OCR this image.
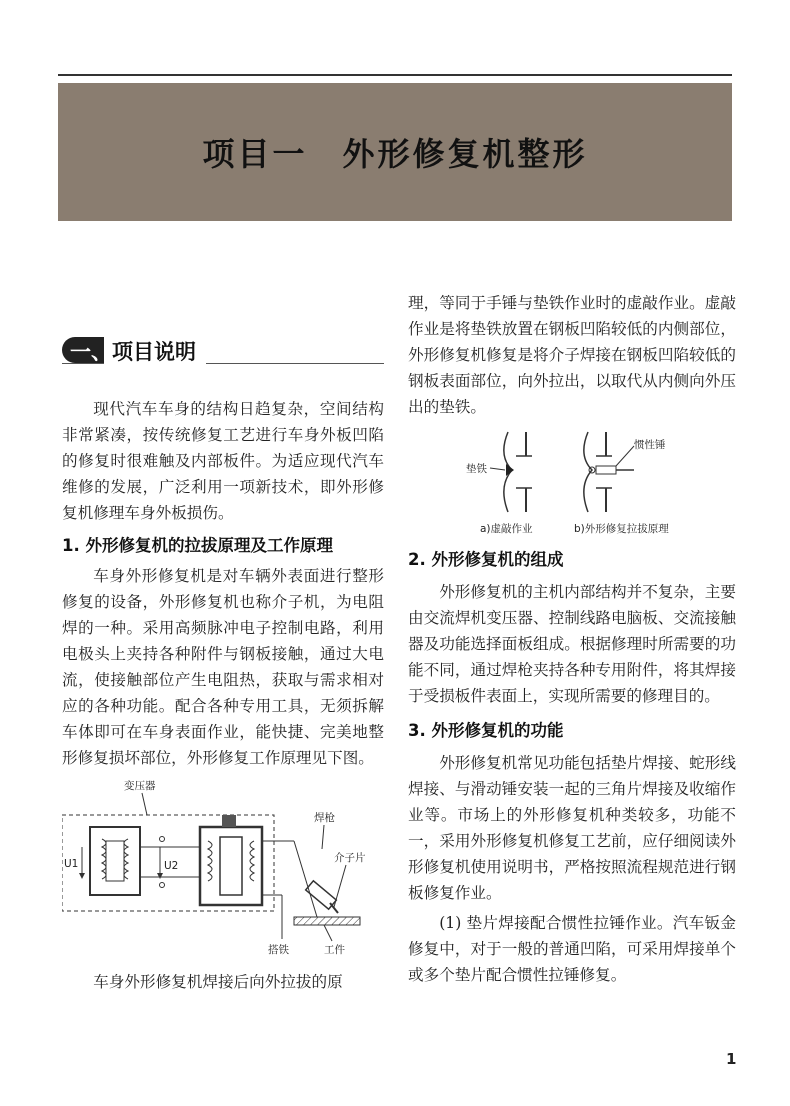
项目一　外形修复机整形
一、项目说明

现代汽车车身的结构日趋复杂，空间结构非常紧凑，按传统修复工艺进行车身外板凹陷的修复时很难触及内部板件。为适应现代汽车维修的发展，广泛利用一项新技术，即外形修复机修理车身外板损伤。

1. 外形修复机的拉拔原理及工作原理

车身外形修复机是对车辆外表面进行整形修复的设备，外形修复机也称介子机，为电阻焊的一种。采用高频脉冲电子控制电路，利用电极头上夹持各种附件与钢板接触，通过大电流，使接触部位产生电阻热，获取与需求相对应的各种功能。配合各种专用工具，无须拆解车体即可在车身表面作业，能快捷、完美地整形修复损坏部位，外形修复工作原理见下图。

变压器
U1	U2
焊枪
介子片
搭铁	工件

车身外形修复机焊接后向外拉拔的原

理，等同于手锤与垫铁作业时的虚敲作业。虚敲作业是将垫铁放置在钢板凹陷较低的内侧部位，外形修复机修复是将介子焊接在钢板凹陷较低的钢板表面部位，向外拉出，以取代从内侧向外压出的垫铁。

垫铁
惯性锤
a)虚敲作业	b)外形修复拉拔原理
2. 外形修复机的组成

外形修复机的主机内部结构并不复杂，主要由交流焊机变压器、控制线路电脑板、交流接触器及功能选择面板组成。根据修理时所需要的功能不同，通过焊枪夹持各种专用附件，将其焊接于受损板件表面上，实现所需要的修理目的。

3. 外形修复机的功能

外形修复机常见功能包括垫片焊接、蛇形线焊接、与滑动锤安装一起的三角片焊接及收缩作业等。市场上的外形修复机种类较多，功能不一，采用外形修复机修复工艺前，应仔细阅读外形修复机使用说明书，严格按照流程规范进行钢板修复作业。

(1) 垫片焊接配合惯性拉锤作业。汽车钣金修复中，对于一般的普通凹陷，可采用焊接单个或多个垫片配合惯性拉锤修复。

1
